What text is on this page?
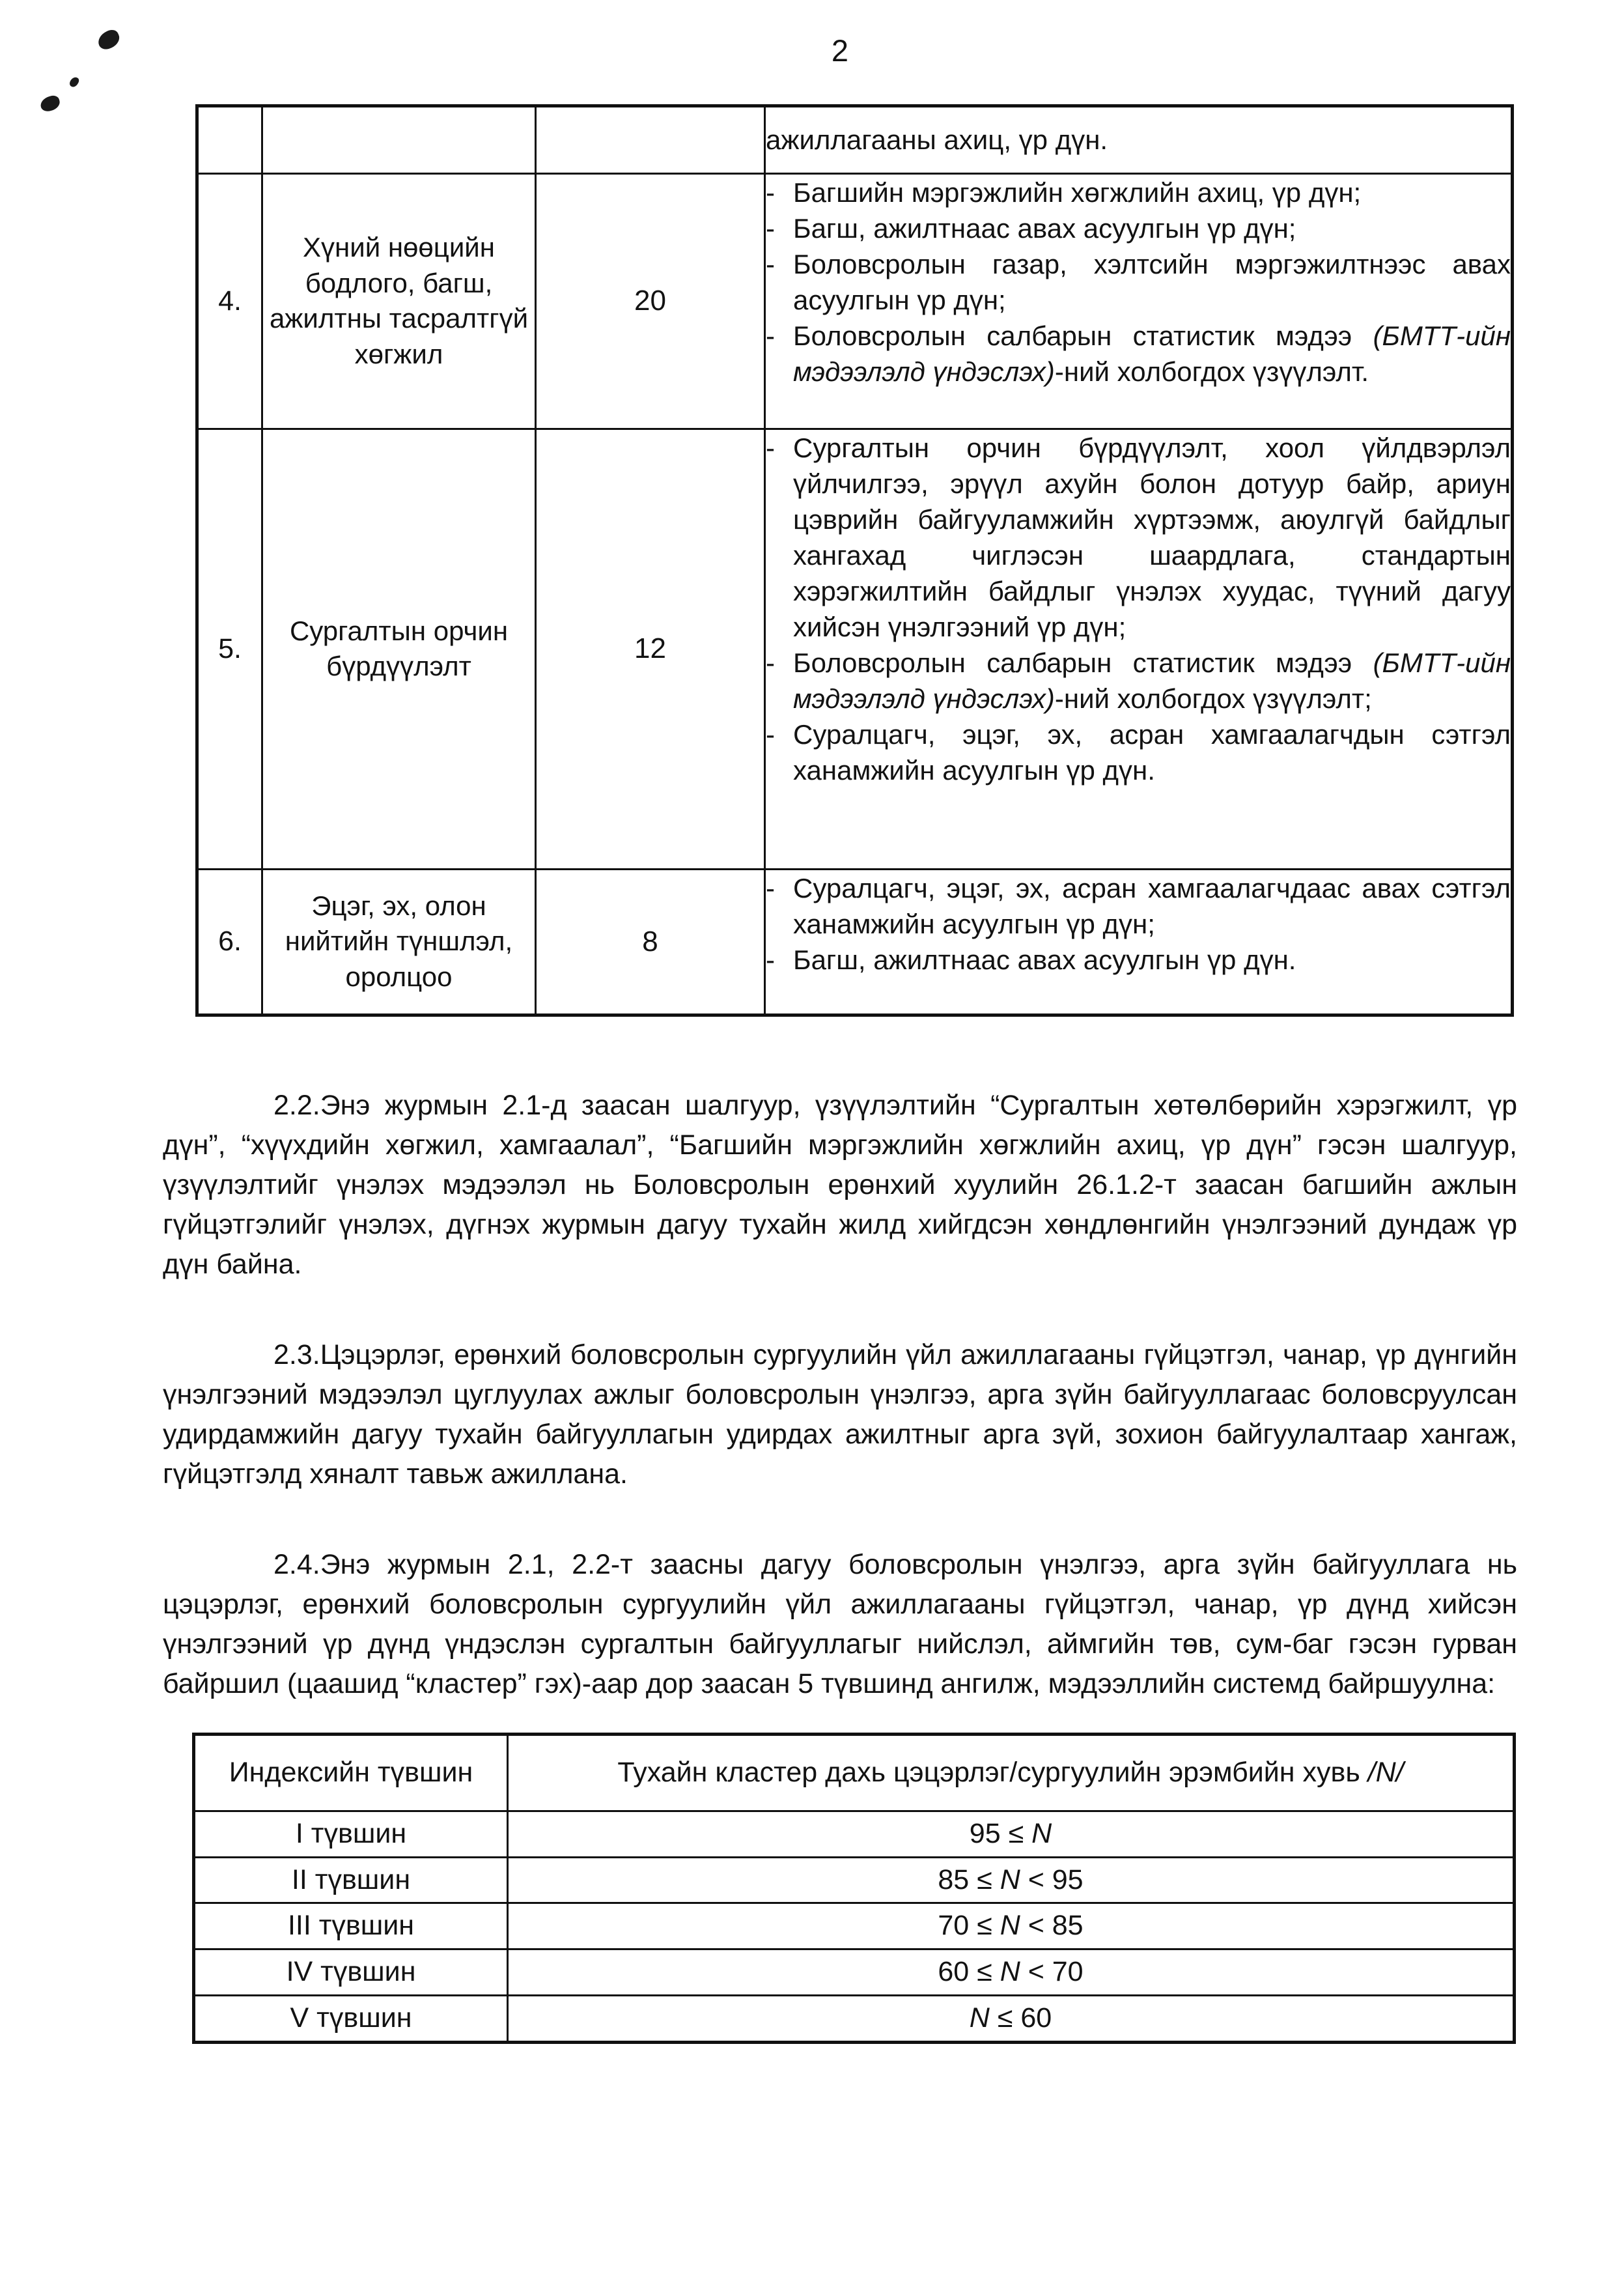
2
			ажиллагааны ахиц, үр дүн.
4.	Хүний нөөцийн бодлого, багш, ажилтны тасралтгүй хөгжил	20	
- Багшийн мэргэжлийн хөгжлийн ахиц, үр дүн;
- Багш, ажилтнаас авах асуулгын үр дүн;
- Боловсролын газар, хэлтсийн мэргэжилтнээс авах асуулгын үр дүн;
- Боловсролын салбарын статистик мэдээ (БМТТ-ийн мэдээлэлд үндэслэх)-ний холбогдох үзүүлэлт.

5.	Сургалтын орчин бүрдүүлэлт	12	
- Сургалтын орчин бүрдүүлэлт, хоол үйлдвэрлэл үйлчилгээ, эрүүл ахуйн болон дотуур байр, ариун цэврийн байгууламжийн хүртээмж, аюулгүй байдлыг хангахад чиглэсэн шаардлага, стандартын хэрэгжилтийн байдлыг үнэлэх хуудас, түүний дагуу хийсэн үнэлгээний үр дүн;
- Боловсролын салбарын статистик мэдээ (БМТТ-ийн мэдээлэлд үндэслэх)-ний холбогдох үзүүлэлт;
- Суралцагч, эцэг, эх, асран хамгаалагчдын сэтгэл ханамжийн асуулгын үр дүн.

6.	Эцэг, эх, олон нийтийн түншлэл, оролцоо	8	- Суралцагч, эцэг, эх, асран хамгаалагчдаас авах сэтгэл ханамжийн асуулгын үр дүн;
- Багш, ажилтнаас авах асуулгын үр дүн.

2.2.Энэ журмын 2.1-д заасан шалгуур, үзүүлэлтийн “Сургалтын хөтөлбөрийн хэрэгжилт, үр дүн”, “хүүхдийн хөгжил, хамгаалал”, “Багшийн мэргэжлийн хөгжлийн ахиц, үр дүн” гэсэн шалгуур, үзүүлэлтийг үнэлэх мэдээлэл нь Боловсролын ерөнхий хуулийн 26.1.2-т заасан багшийн ажлын гүйцэтгэлийг үнэлэх, дүгнэх журмын дагуу тухайн жилд хийгдсэн хөндлөнгийн үнэлгээний дундаж үр дүн байна.

2.3.Цэцэрлэг, ерөнхий боловсролын сургуулийн үйл ажиллагааны гүйцэтгэл, чанар, үр дүнгийн үнэлгээний мэдээлэл цуглуулах ажлыг боловсролын үнэлгээ, арга зүйн байгууллагаас боловсруулсан удирдамжийн дагуу тухайн байгууллагын удирдах ажилтныг арга зүй, зохион байгуулалтаар хангаж, гүйцэтгэлд хяналт тавьж ажиллана.

2.4.Энэ журмын 2.1, 2.2-т заасны дагуу боловсролын үнэлгээ, арга зүйн байгууллага нь цэцэрлэг, ерөнхий боловсролын сургуулийн үйл ажиллагааны гүйцэтгэл, чанар, үр дүнд хийсэн үнэлгээний үр дүнд үндэслэн сургалтын байгууллагыг нийслэл, аймгийн төв, сум-баг гэсэн гурван байршил (цаашид “кластер” гэх)-аар дор заасан 5 түвшинд ангилж, мэдээллийн системд байршуулна:

Индексийн түвшин	Тухайн кластер дахь цэцэрлэг/сургуулийн эрэмбийн хувь /N/
I түвшин	95 ≤ N
II түвшин	85 ≤ N < 95
III түвшин	70 ≤ N < 85
IV түвшин	60 ≤ N < 70
V түвшин	N ≤ 60
